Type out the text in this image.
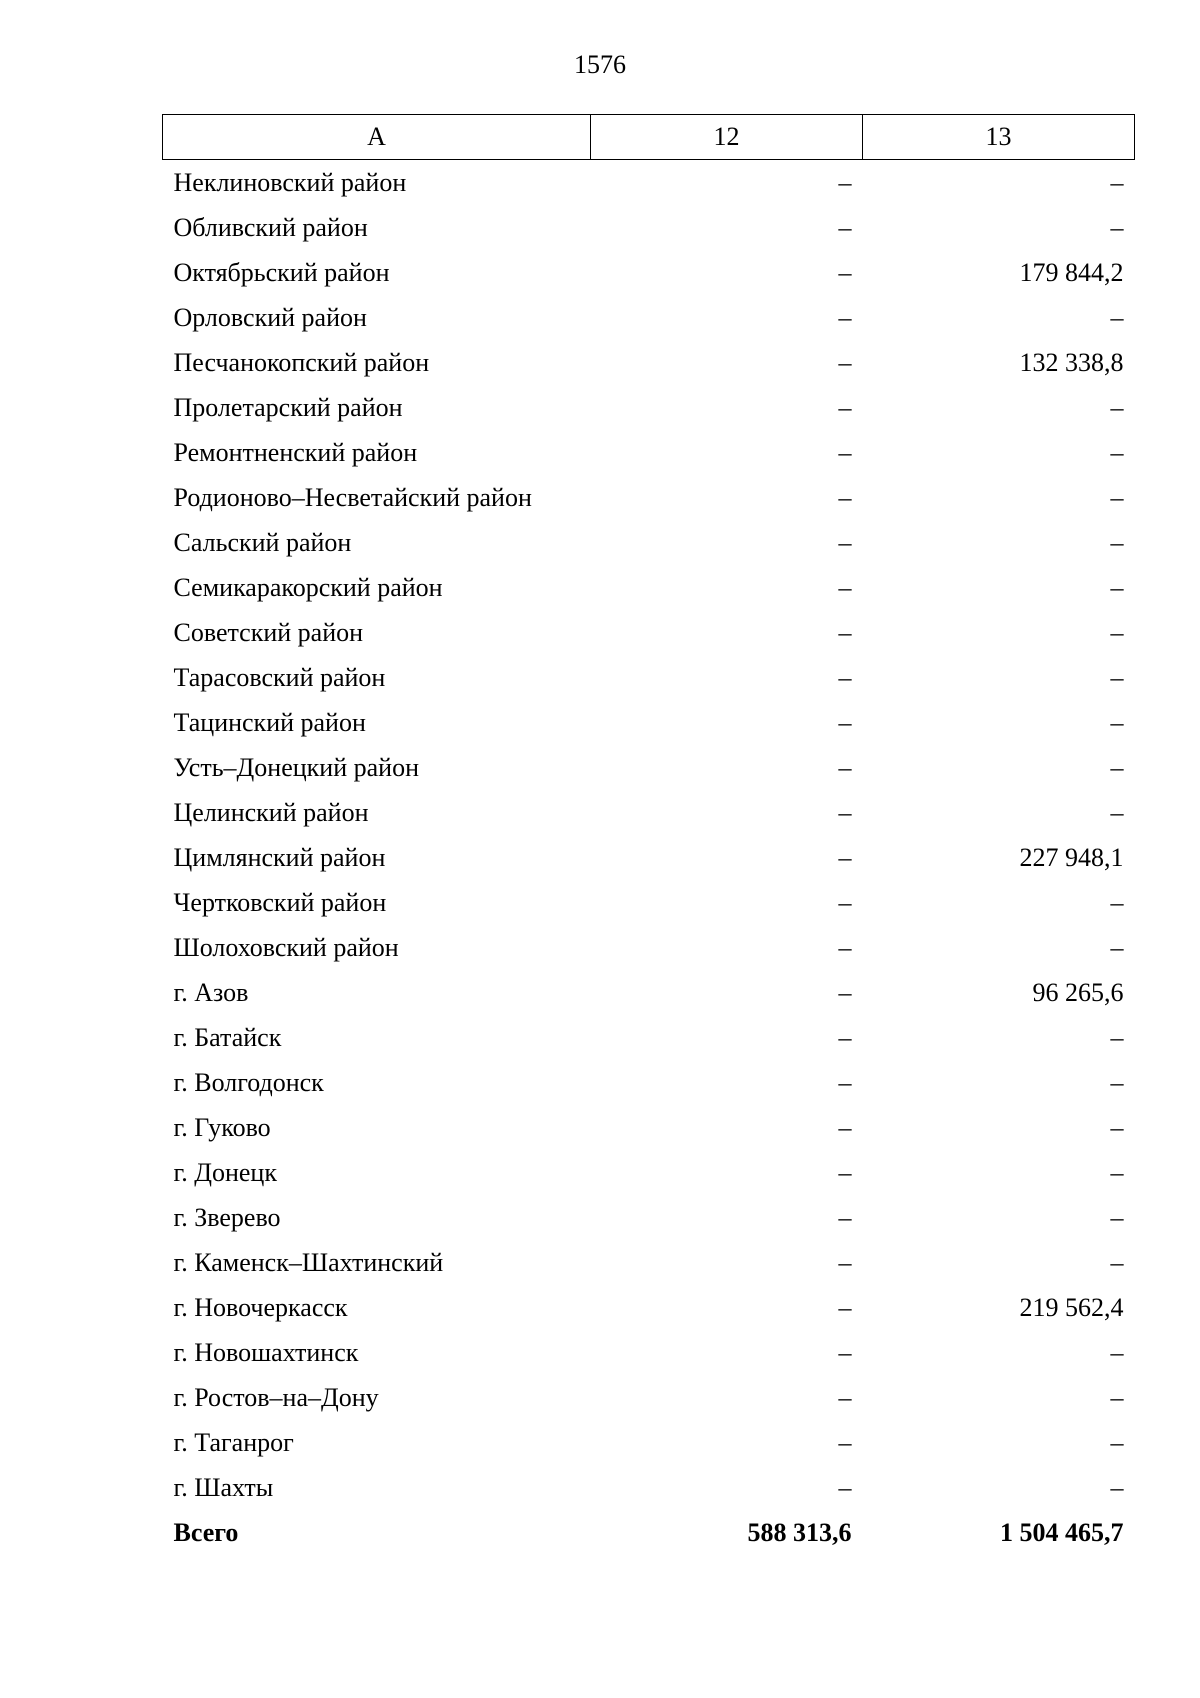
1576
А	12	13
Неклиновский район	–	–
Обливский район	–	–
Октябрьский район	–	179 844,2
Орловский район	–	–
Песчанокопский район	–	132 338,8
Пролетарский район	–	–
Ремонтненский район	–	–
Родионово–Несветайский район	–	–
Сальский район	–	–
Семикаракорский район	–	–
Советский район	–	–
Тарасовский район	–	–
Тацинский район	–	–
Усть–Донецкий район	–	–
Целинский район	–	–
Цимлянский район	–	227 948,1
Чертковский район	–	–
Шолоховский район	–	–
г. Азов	–	96 265,6
г. Батайск	–	–
г. Волгодонск	–	–
г. Гуково	–	–
г. Донецк	–	–
г. Зверево	–	–
г. Каменск–Шахтинский	–	–
г. Новочеркасск	–	219 562,4
г. Новошахтинск	–	–
г. Ростов–на–Дону	–	–
г. Таганрог	–	–
г. Шахты	–	–
Всего	588 313,6	1 504 465,7
